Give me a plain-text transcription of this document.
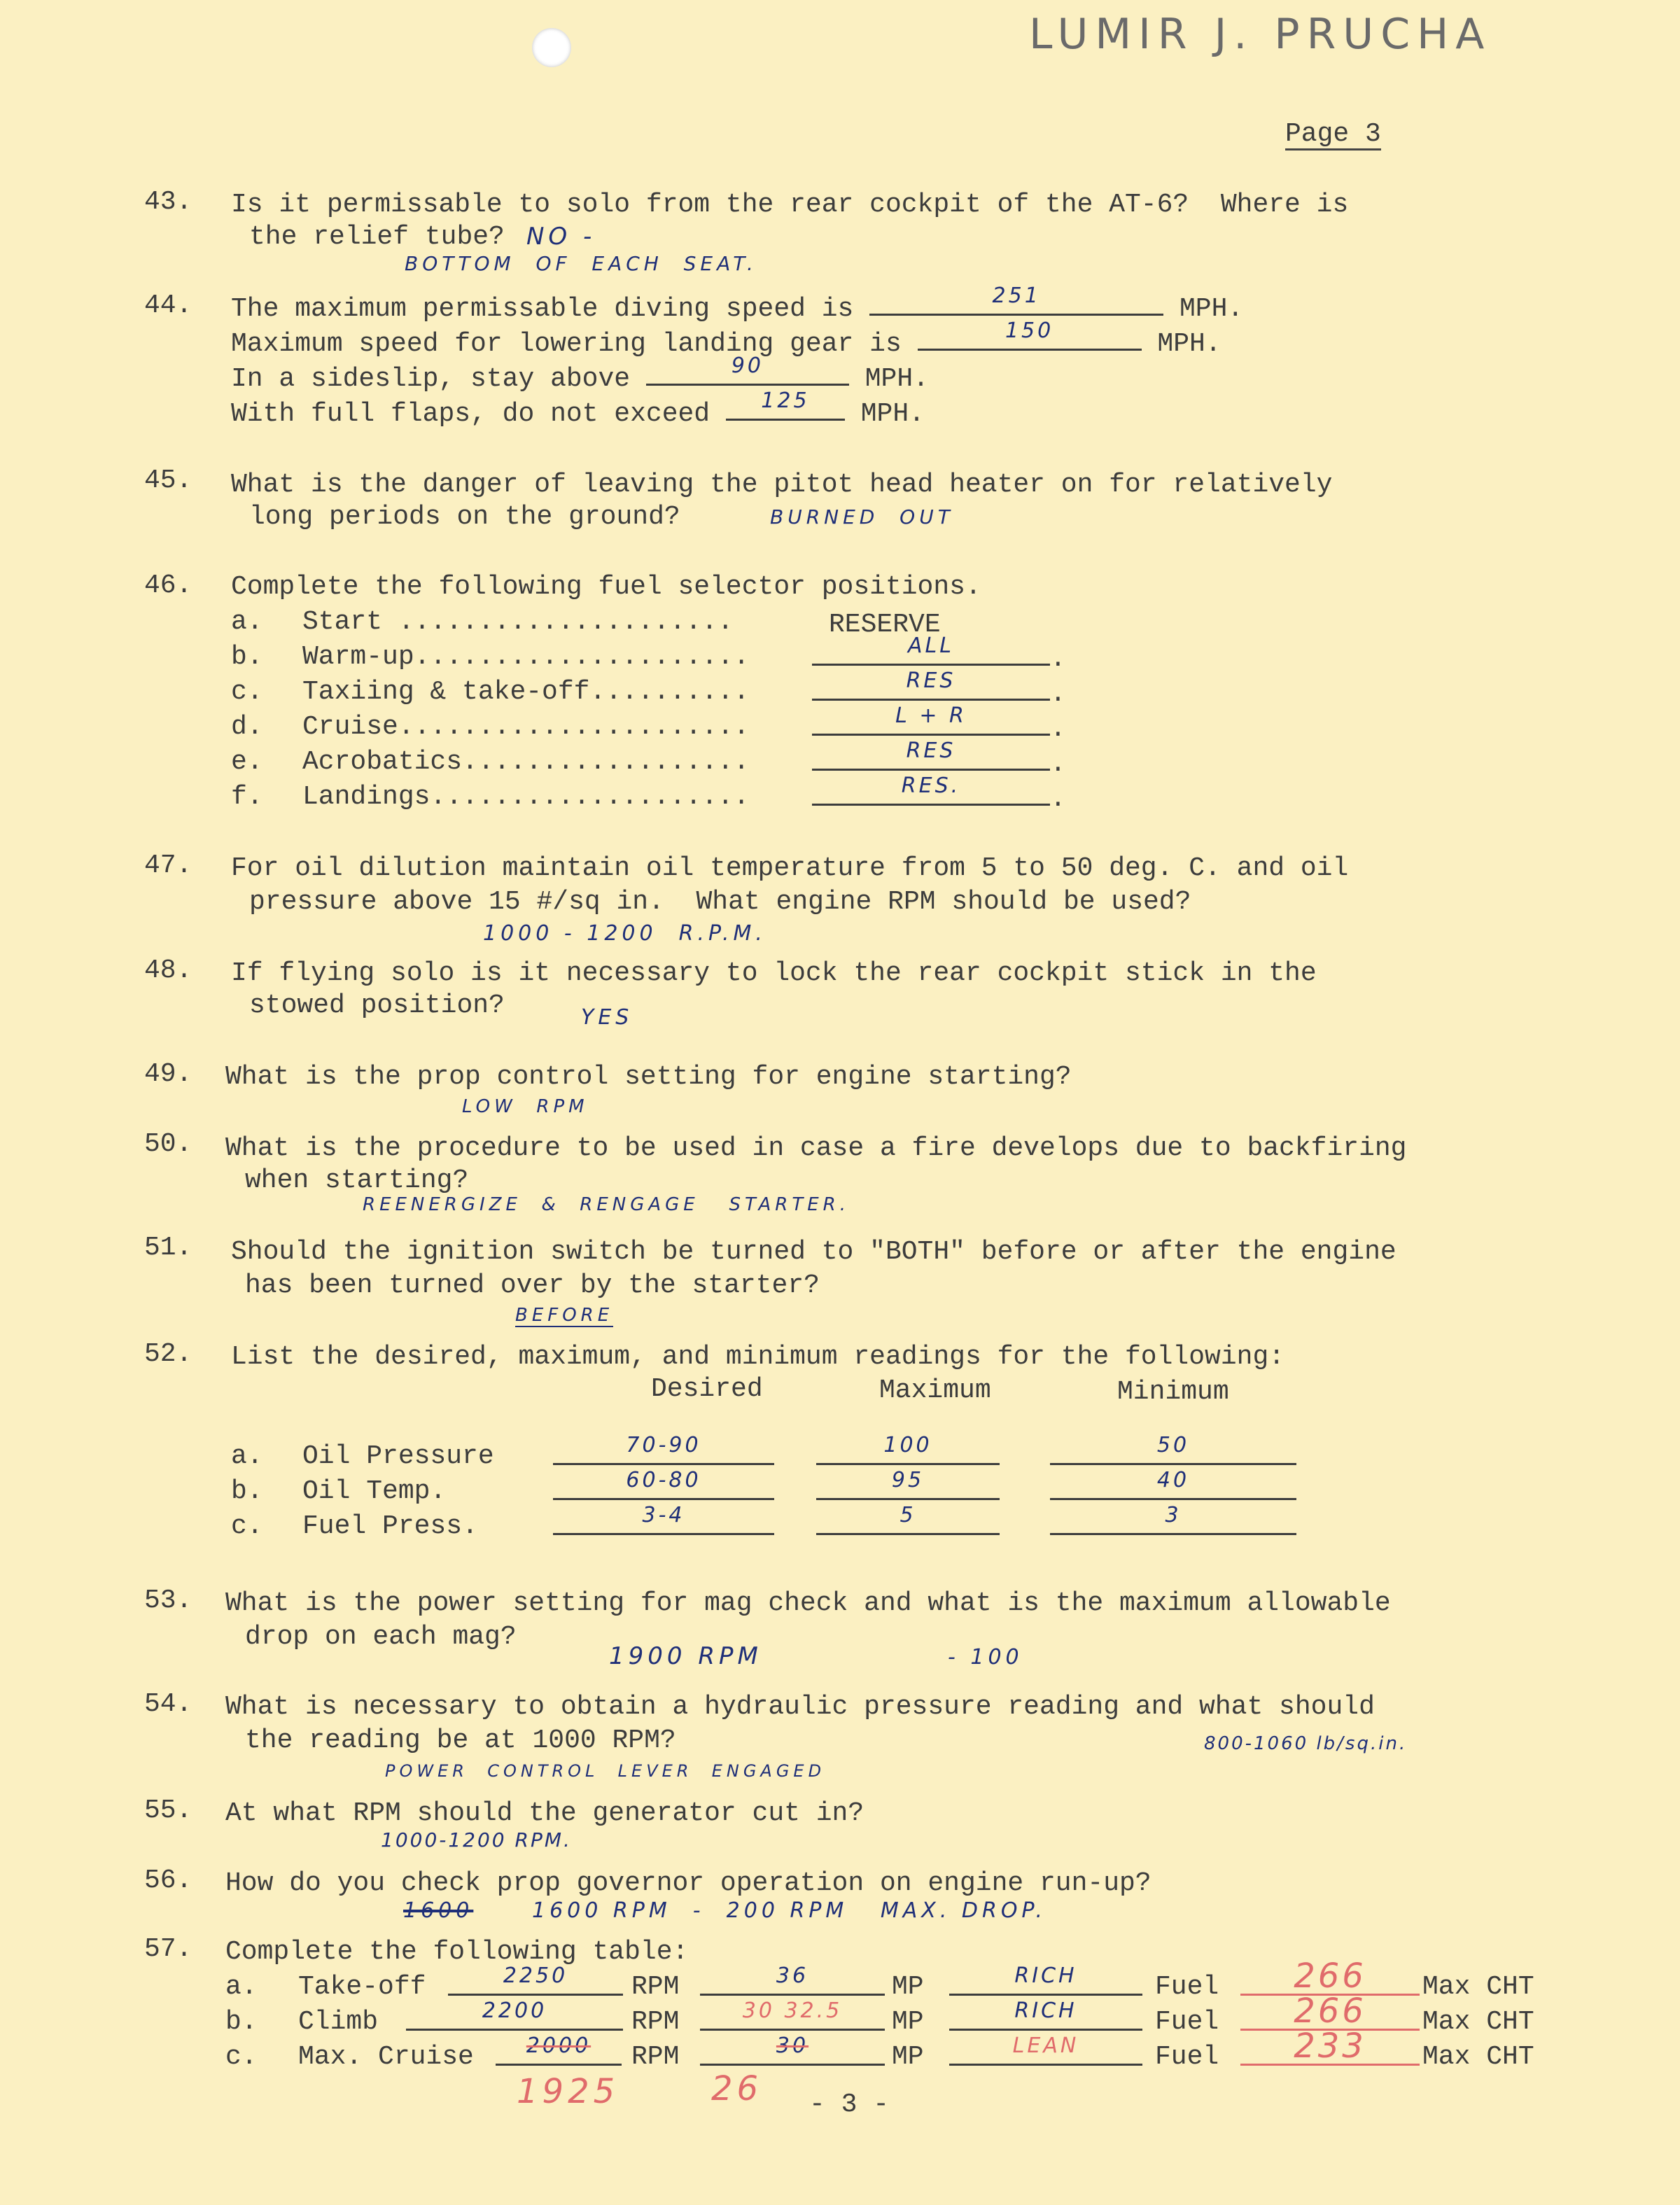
LUMIR J. PRUCHA
Page 3
43. Is it permissable to solo from the rear cockpit of the AT-6?  Where is
the relief tube? NO -
BOTTOM  OF  EACH  SEAT.
44. The maximum permissable diving speed is	251	MPH.
Maximum speed for lowering landing gear is	150	MPH.
In a sideslip, stay above	90	MPH.
With full flaps, do not exceed	125	MPH.
45. What is the danger of leaving the pitot head heater on for relatively
long periods on the ground?	BURNED  OUT
46. Complete the following fuel selector positions.
a. Start .....................	RESERVE
b. Warm-up.....................	ALL	.
c. Taxiing & take-off..........	RES	.
d. Cruise......................	L + R	.
e. Acrobatics..................	RES	.
f. Landings....................	RES.	.
47. For oil dilution maintain oil temperature from 5 to 50 deg. C. and oil
pressure above 15 #/sq in.  What engine RPM should be used?
1000 - 1200  R.P.M.
48. If flying solo is it necessary to lock the rear cockpit stick in the
stowed position?	YES
49. What is the prop control setting for engine starting?
LOW  RPM
50. What is the procedure to be used in case a fire develops due to backfiring
when starting?
REENERGIZE  &  RENGAGE   STARTER.
51. Should the ignition switch be turned to "BOTH" before or after the engine
has been turned over by the starter?
BEFORE
52. List the desired, maximum, and minimum readings for the following:
Desired	Maximum	Minimum
a. Oil Pressure	70-90	100	50
b. Oil Temp.	60-80	95	40
c. Fuel Press.	3-4	5	3
53. What is the power setting for mag check and what is the maximum allowable
drop on each mag?
1900 RPM	- 100
54. What is necessary to obtain a hydraulic pressure reading and what should
the reading be at 1000 RPM?	800-1060 lb/sq.in.
POWER  CONTROL  LEVER  ENGAGED
55. At what RPM should the generator cut in?
1000-1200 RPM.
56. How do you check prop governor operation on engine run-up?
1600	1600 RPM  -  200 RPM   MAX. DROP.
57. Complete the following table:
a. Take-off	2250	RPM	36	MP	RICH	Fuel	266	Max CHT
b. Climb	2200	RPM	30 32.5	MP	RICH	Fuel	266	Max CHT
c. Max. Cruise	2000	RPM	30	MP	LEAN	Fuel	233	Max CHT
1925	26 - 3 -
